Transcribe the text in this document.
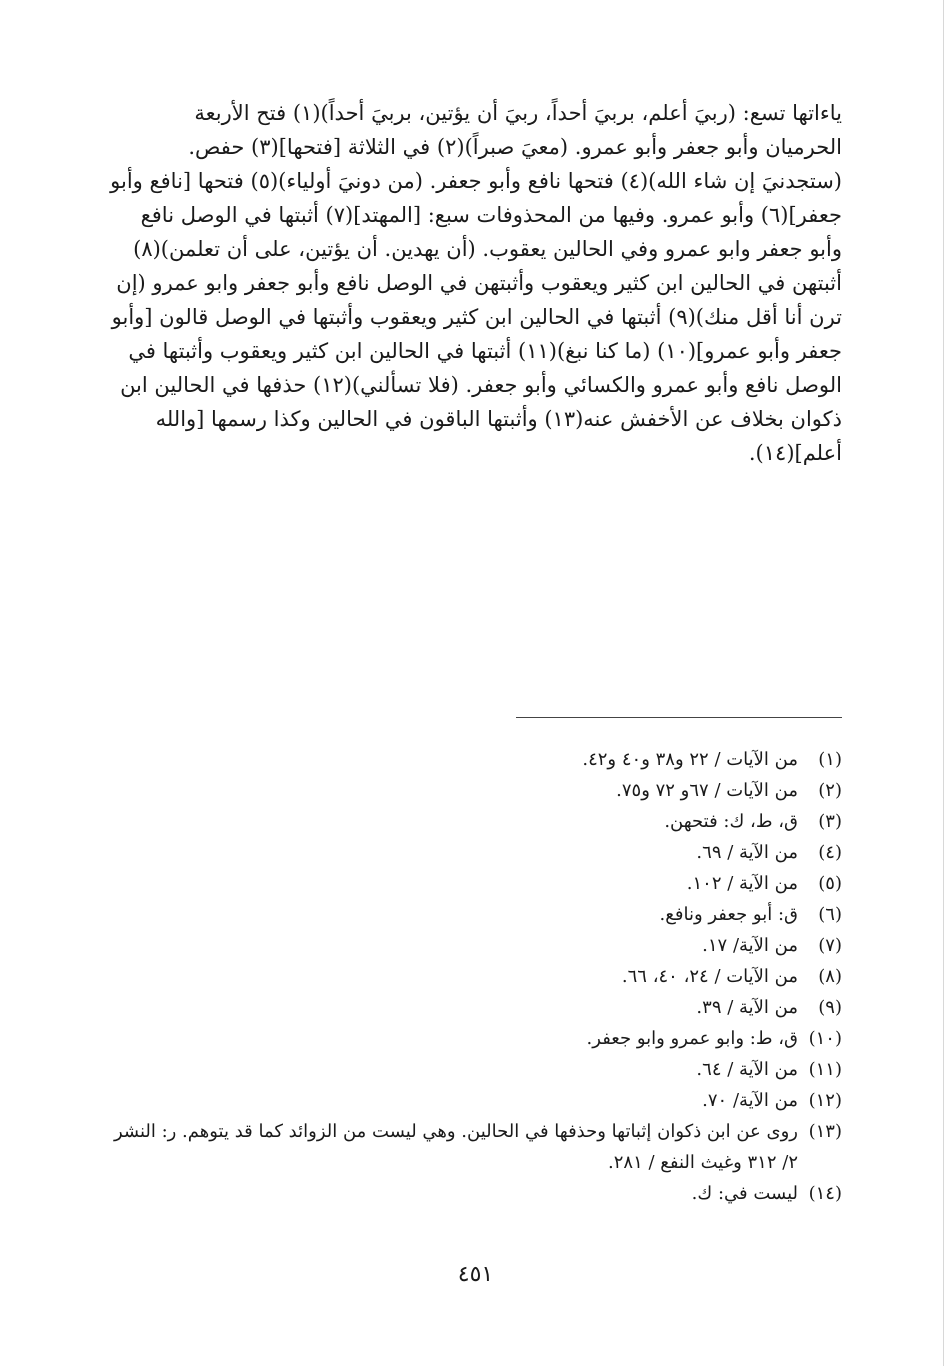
ياءاتها تسع: (ربيَ أعلم، بربيَ أحداً، ربيَ أن يؤتين، بربيَ أحداً)(١) فتح الأربعة
الحرميان وأبو جعفر وأبو عمرو. (معيَ صبراً)(٢) في الثلاثة [فتحها](٣) حفص.
(ستجدنيَ إن شاء الله)(٤) فتحها نافع وأبو جعفر. (من دونيَ أولياء)(٥) فتحها [نافع وأبو
جعفر](٦) وأبو عمرو. وفيها من المحذوفات سبع: [المهتد](٧) أثبتها في الوصل نافع
وأبو جعفر وابو عمرو وفي الحالين يعقوب. (أن يهدين. أن يؤتين، على أن تعلمن)(٨)
أثبتهن في الحالين ابن كثير ويعقوب وأثبتهن في الوصل نافع وأبو جعفر وابو عمرو (إن
ترن أنا أقل منك)(٩) أثبتها في الحالين ابن كثير ويعقوب وأثبتها في الوصل قالون [وأبو
جعفر وأبو عمرو](١٠) (ما كنا نبغ)(١١) أثبتها في الحالين ابن كثير ويعقوب وأثبتها في
الوصل نافع وأبو عمرو والكسائي وأبو جعفر. (فلا تسألني)(١٢) حذفها في الحالين ابن
ذكوان بخلاف عن الأخفش عنه(١٣) وأثبتها الباقون في الحالين وكذا رسمها [والله
أعلم](١٤).
(١)
من الآيات / ٢٢ و٣٨ و٤٠ و٤٢.
(٢)
من الآيات / ٦٧و ٧٢ و٧٥.
(٣)
ق، ط، ك: فتحهن.
(٤)
من الآية / ٦٩.
(٥)
من الآية / ١٠٢.
(٦)
ق: أبو جعفر ونافع.
(٧)
من الآية/ ١٧.
(٨)
من الآيات / ٢٤، ٤٠، ٦٦.
(٩)
من الآية / ٣٩.
(١٠)
ق، ط: وابو عمرو وابو جعفر.
(١١)
من الآية / ٦٤.
(١٢)
من الآية/ ٧٠.
(١٣)
روى عن ابن ذكوان إثباتها وحذفها في الحالين. وهي ليست من الزوائد كما قد يتوهم. ر: النشر
٢/ ٣١٢ وغيث النفع / ٢٨١.
(١٤)
ليست في: ك.
٤٥١
